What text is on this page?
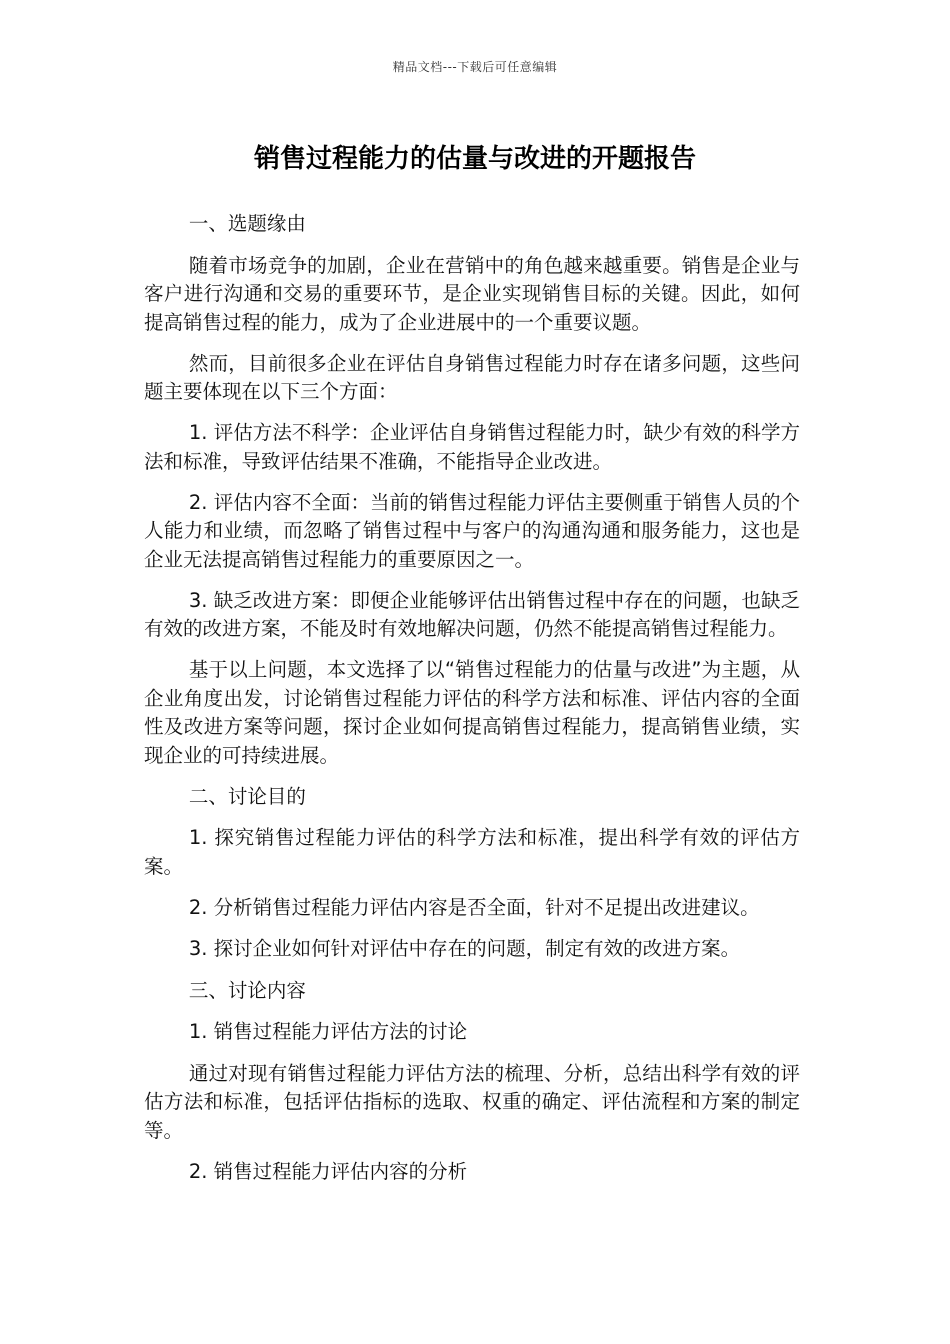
精品文档---下载后可任意编辑
销售过程能力的估量与改进的开题报告

一、选题缘由

随着市场竞争的加剧，企业在营销中的角色越来越重要。销售是企业与客户进行沟通和交易的重要环节，是企业实现销售目标的关键。因此，如何提高销售过程的能力，成为了企业进展中的一个重要议题。

然而，目前很多企业在评估自身销售过程能力时存在诸多问题，这些问题主要体现在以下三个方面：

1. 评估方法不科学：企业评估自身销售过程能力时，缺少有效的科学方法和标准，导致评估结果不准确，不能指导企业改进。

2. 评估内容不全面：当前的销售过程能力评估主要侧重于销售人员的个人能力和业绩，而忽略了销售过程中与客户的沟通沟通和服务能力，这也是企业无法提高销售过程能力的重要原因之一。

3. 缺乏改进方案：即便企业能够评估出销售过程中存在的问题，也缺乏有效的改进方案，不能及时有效地解决问题，仍然不能提高销售过程能力。

基于以上问题，本文选择了以“销售过程能力的估量与改进”为主题，从企业角度出发，讨论销售过程能力评估的科学方法和标准、评估内容的全面性及改进方案等问题，探讨企业如何提高销售过程能力，提高销售业绩，实现企业的可持续进展。

二、讨论目的

1. 探究销售过程能力评估的科学方法和标准，提出科学有效的评估方案。

2. 分析销售过程能力评估内容是否全面，针对不足提出改进建议。

3. 探讨企业如何针对评估中存在的问题，制定有效的改进方案。

三、讨论内容

1. 销售过程能力评估方法的讨论

通过对现有销售过程能力评估方法的梳理、分析，总结出科学有效的评估方法和标准，包括评估指标的选取、权重的确定、评估流程和方案的制定等。

2. 销售过程能力评估内容的分析
